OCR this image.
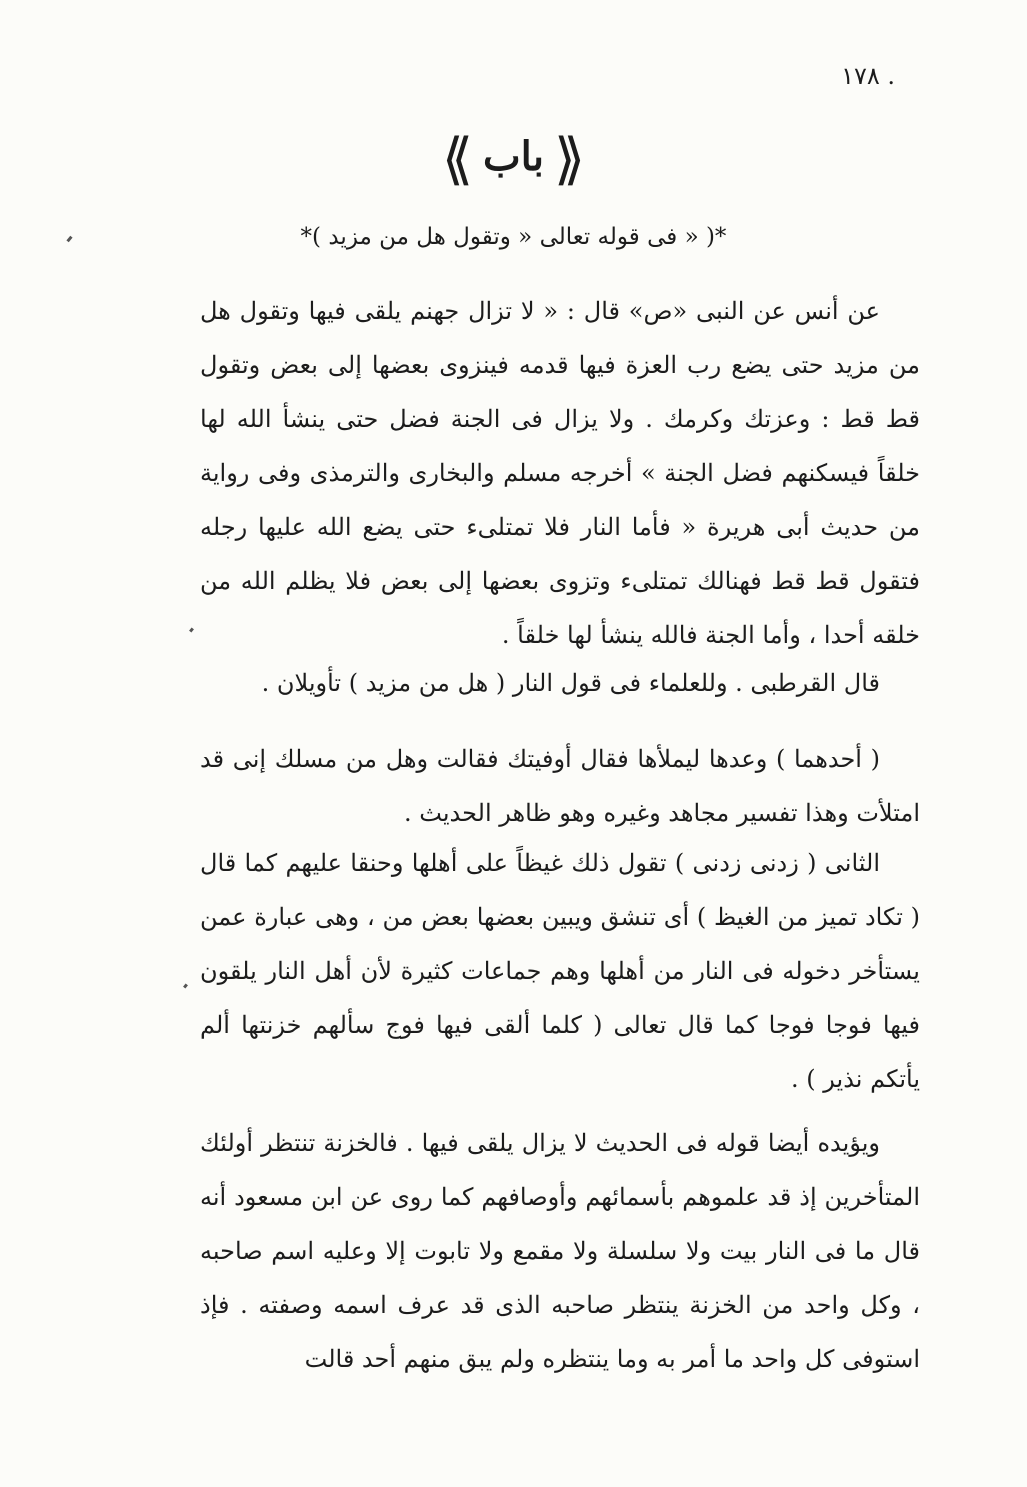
١٧٨ .
⟪ باب ⟫
*( فى قوله تعالى « وتقول هل من مزيد » )*

عن أنس عن النبى «ص» قال : « لا تزال جهنم يلقى فيها وتقول هل من مزيد حتى يضع رب العزة فيها قدمه فينزوى بعضها إلى بعض وتقول قط قط : وعزتك وكرمك . ولا يزال فى الجنة فضل حتى ينشأ الله لها خلقاً فيسكنهم فضل الجنة » أخرجه مسلم والبخارى والترمذى وفى رواية من حديث أبى هريرة « فأما النار فلا تمتلىء حتى يضع الله عليها رجله فتقول قط قط فهنالك تمتلىء وتزوى بعضها إلى بعض فلا يظلم الله من خلقه أحدا ، وأما الجنة فالله ينشأ لها خلقاً .

قال القرطبى . وللعلماء فى قول النار ( هل من مزيد ) تأويلان .

( أحدهما ) وعدها ليملأها فقال أوفيتك فقالت وهل من مسلك إنى قد امتلأت وهذا تفسير مجاهد وغيره وهو ظاهر الحديث .

الثانى ( زدنى زدنى ) تقول ذلك غيظاً على أهلها وحنقا عليهم كما قال ( تكاد تميز من الغيظ ) أى تنشق ويبين بعضها بعض من ، وهى عبارة عمن يستأخر دخوله فى النار من أهلها وهم جماعات كثيرة لأن أهل النار يلقون فيها فوجا فوجا كما قال تعالى ( كلما ألقى فيها فوج سألهم خزنتها ألم يأتكم نذير ) .

ويؤيده أيضا قوله فى الحديث لا يزال يلقى فيها . فالخزنة تنتظر أولئك المتأخرين إذ قد علموهم بأسمائهم وأوصافهم كما روى عن ابن مسعود أنه قال ما فى النار بيت ولا سلسلة ولا مقمع ولا تابوت إلا وعليه اسم صاحبه ، وكل واحد من الخزنة ينتظر صاحبه الذى قد عرف اسمه وصفته . فإذ استوفى كل واحد ما أمر به وما ينتظره ولم يبق منهم أحد قالت
